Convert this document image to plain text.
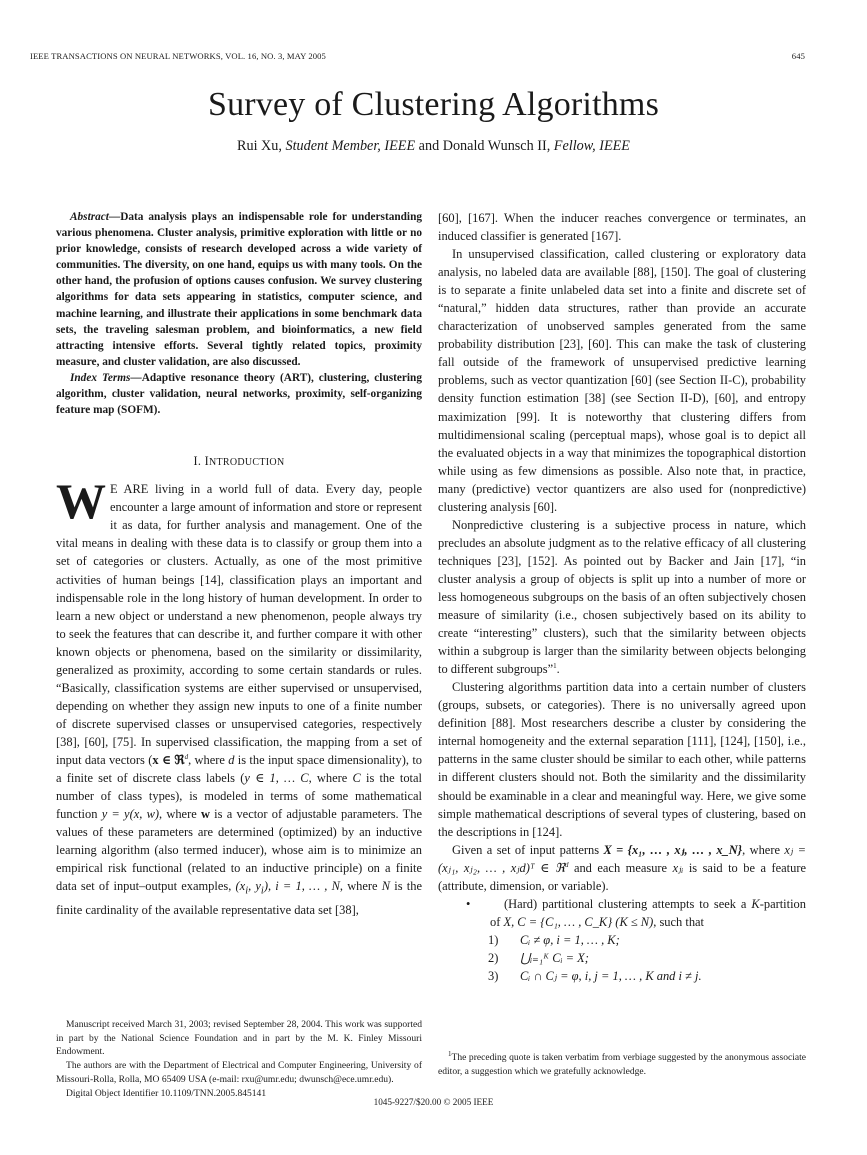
IEEE TRANSACTIONS ON NEURAL NETWORKS, VOL. 16, NO. 3, MAY 2005	645
Survey of Clustering Algorithms
Rui Xu, Student Member, IEEE and Donald Wunsch II, Fellow, IEEE

Abstract—Data analysis plays an indispensable role for understanding various phenomena. Cluster analysis, primitive exploration with little or no prior knowledge, consists of research developed across a wide variety of communities. The diversity, on one hand, equips us with many tools. On the other hand, the profusion of options causes confusion. We survey clustering algorithms for data sets appearing in statistics, computer science, and machine learning, and illustrate their applications in some benchmark data sets, the traveling salesman problem, and bioinformatics, a new field attracting intensive efforts. Several tightly related topics, proximity measure, and cluster validation, are also discussed.

Index Terms—Adaptive resonance theory (ART), clustering, clustering algorithm, cluster validation, neural networks, proximity, self-organizing feature map (SOFM).

I. INTRODUCTION

W E ARE living in a world full of data. Every day, people encounter a large amount of information and store or represent it as data, for further analysis and management. One of the vital means in dealing with these data is to classify or group them into a set of categories or clusters. Actually, as one of the most primitive activities of human beings [14], classification plays an important and indispensable role in the long history of human development. In order to learn a new object or understand a new phenomenon, people always try to seek the features that can describe it, and further compare it with other known objects or phenomena, based on the similarity or dissimilarity, generalized as proximity, according to some certain standards or rules. “Basically, classification systems are either supervised or unsupervised, depending on whether they assign new inputs to one of a finite number of discrete supervised classes or unsupervised categories, respectively [38], [60], [75]. In supervised classification, the mapping from a set of input data vectors (x ∈ ℜ$^d$, where d is the input space dimensionality), to a finite set of discrete class labels (y ∈ 1, … C, where C is the total number of class types), is modeled in terms of some mathematical function y = y(x, w), where w is a vector of adjustable parameters. The values of these parameters are determined (optimized) by an inductive learning algorithm (also termed inducer), whose aim is to minimize an empirical risk functional (related to an inductive principle) on a finite data set of input–output examples, ($x_i$, $y_i$), i = 1, … , N, where N is the finite cardinality of the available representative data set [38],

[60], [167]. When the inducer reaches convergence or terminates, an induced classifier is generated [167].

In unsupervised classification, called clustering or exploratory data analysis, no labeled data are available [88], [150]. The goal of clustering is to separate a finite unlabeled data set into a finite and discrete set of “natural,” hidden data structures, rather than provide an accurate characterization of unobserved samples generated from the same probability distribution [23], [60]. This can make the task of clustering fall outside of the framework of unsupervised predictive learning problems, such as vector quantization [60] (see Section II-C), probability density function estimation [38] (see Section II-D), [60], and entropy maximization [99]. It is noteworthy that clustering differs from multidimensional scaling (perceptual maps), whose goal is to depict all the evaluated objects in a way that minimizes the topographical distortion while using as few dimensions as possible. Also note that, in practice, many (predictive) vector quantizers are also used for (nonpredictive) clustering analysis [60].

Nonpredictive clustering is a subjective process in nature, which precludes an absolute judgment as to the relative efficacy of all clustering techniques [23], [152]. As pointed out by Backer and Jain [17], “in cluster analysis a group of objects is split up into a number of more or less homogeneous subgroups on the basis of an often subjectively chosen measure of similarity (i.e., chosen subjectively based on its ability to create “interesting” clusters), such that the similarity between objects within a subgroup is larger than the similarity between objects belonging to different subgroups”$^1$.

Clustering algorithms partition data into a certain number of clusters (groups, subsets, or categories). There is no universally agreed upon definition [88]. Most researchers describe a cluster by considering the internal homogeneity and the external separation [111], [124], [150], i.e., patterns in the same cluster should be similar to each other, while patterns in different clusters should not. Both the similarity and the dissimilarity should be examinable in a clear and meaningful way. Here, we give some simple mathematical descriptions of several types of clustering, based on the descriptions in [124].

Given a set of input patterns X = {x₁, … , xⱼ, … , x_N}, where xⱼ = (xⱼ₁, xⱼ₂, … , xⱼd)ᵀ ∈ ℜ$^d$ and each measure xⱼᵢ is said to be a feature (attribute, dimension, or variable).

•	(Hard) partitional clustering attempts to seek a K-partition of X, C = {C₁, … , C_K} (K ≤ N), such that

1) Cᵢ ≠ φ, i = 1, … , K;

2) ⋃ᵢ₌₁ᴷ Cᵢ = X;

3) Cᵢ ∩ Cⱼ = φ, i, j = 1, … , K and i ≠ j.

Manuscript received March 31, 2003; revised September 28, 2004. This work was supported in part by the National Science Foundation and in part by the M. K. Finley Missouri Endowment.

The authors are with the Department of Electrical and Computer Engineering, University of Missouri-Rolla, Rolla, MO 65409 USA (e-mail: rxu@umr.edu; dwunsch@ece.umr.edu).

Digital Object Identifier 10.1109/TNN.2005.845141

$^1$The preceding quote is taken verbatim from verbiage suggested by the anonymous associate editor, a suggestion which we gratefully acknowledge.

1045-9227/$20.00 © 2005 IEEE
